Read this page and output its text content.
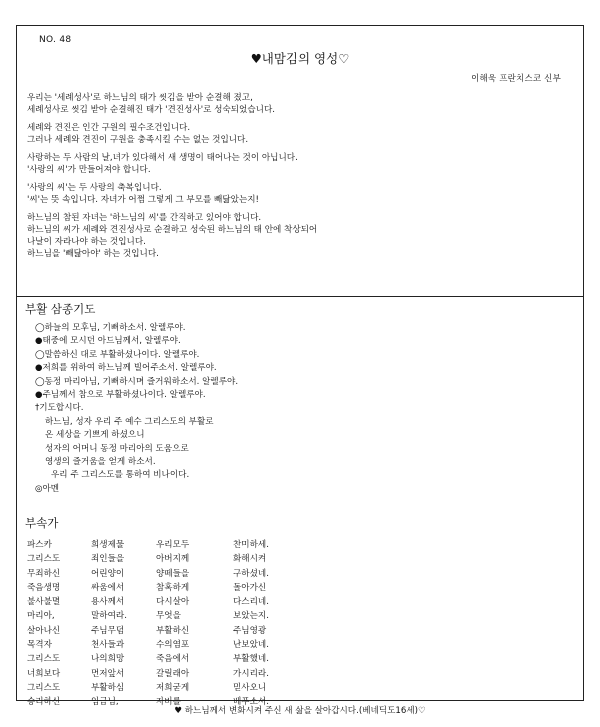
NO. 48
♥내맘김의 영성♡
이해욱 프란치스코 신부
우리는 '세례성사'로 하느님의 태가 씻김을 받아 순결해 졌고,
세례성사로 씻김 받아 순결해진 태가 '견진성사'로 성숙되었습니다.
세례와 견진은 인간 구원의 필수조건입니다.
그러나 세례와 견진이 구원을 충족시킬 수는 없는 것입니다.
사랑하는 두 사람의 날,녀가 있다해서 새 생명이 태어나는 것이 아닙니다.
'사랑의 씨'가 만들어져야 합니다.
'사랑의 씨'는 두 사랑의 축복입니다.
'씨'는 뜻 속입니다. 자녀가 어쩜 그렇게 그 부모를 빼닮았는지!
하느님의 참된 자녀는 '하느님의 씨'를 간직하고 있어야 합니다.
하느님의 씨가 세례와 견진성사로 순결하고 성숙된 하느님의 태 안에 착상되어
나날이 자라나야 하는 것입니다.
하느님을 '빼닮아야' 하는 것입니다.
부활 삼종기도
◯하늘의 모후님, 기뻐하소서. 알렐루야.
●태중에 모시던 아드님께서, 알렐루야.
◯말씀하신 대로 부활하셨나이다. 알렐루야.
●저희를 위하여 하느님께 빌어주소서. 알렐루야.
◯동정 마리아님, 기뻐하시며 즐거워하소서. 알렐루야.
●주님께서 참으로 부활하셨나이다. 알렐루야.
†기도합시다.
하느님, 성자 우리 주 예수 그리스도의 부활로
온 세상을 기쁘게 하셨으니
성자의 어머니 동정 마리아의 도움으로
영생의 즐거움을 얻게 하소서.
우리 주 그리스도를 통하여 비나이다.
◎아멘
부속가
파스카	희생제물	우리모두	찬미하세.
그리스도	죄인들을	아버지께	화해시켜
무죄하신	어린양이	양떼들을	구하셨네.
죽음생명	싸움에서	참혹하게	돌아가신
불사불멸	용사께서	다시살아	다스리네.
마리아,	말하여라.	무엇을	보았는지.
살아나신	주님무덤	부활하신	주님영광
목격자	천사들과	수의염포	난보았네.
그리스도	나의희망	죽음에서	부활했네.
너희보다	먼저앞서	갈릴래아	가시리라.
그리스도	부활하심	저희굳게	믿사오니
승리하신	임금님,	자비를	베푸소서.
♥ 하느님께서 변화시켜 주신 새 삶을 살아갑시다.(베네딕도16세)♡
